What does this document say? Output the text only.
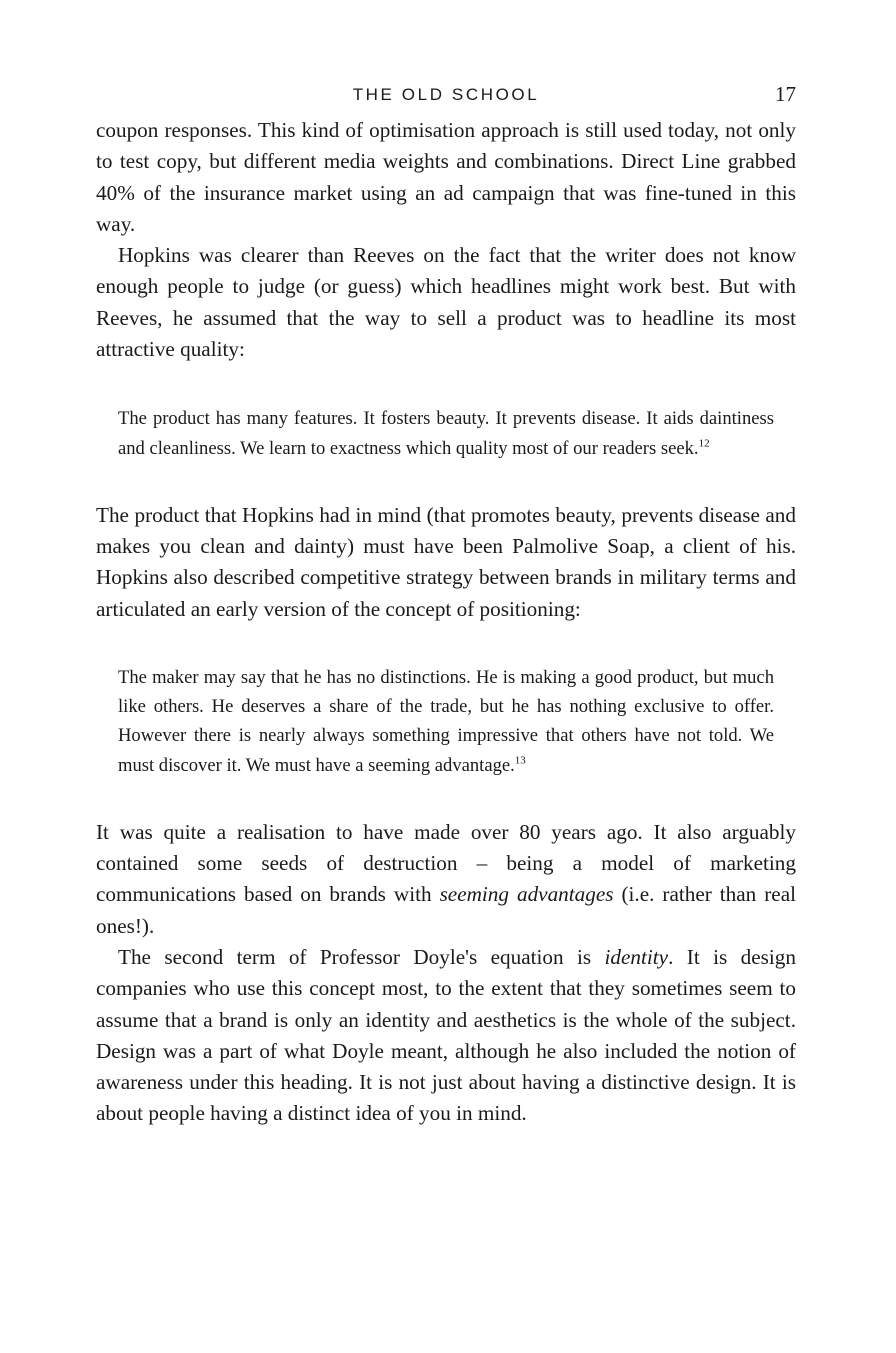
THE OLD SCHOOL	17

coupon responses. This kind of optimisation approach is still used today, not only to test copy, but different media weights and combinations. Direct Line grabbed 40% of the insurance market using an ad campaign that was fine-tuned in this way.

Hopkins was clearer than Reeves on the fact that the writer does not know enough people to judge (or guess) which headlines might work best. But with Reeves, he assumed that the way to sell a product was to headline its most attractive quality:

The product has many features. It fosters beauty. It prevents disease. It aids daintiness and cleanliness. We learn to exactness which quality most of our readers seek.$^{12}$

The product that Hopkins had in mind (that promotes beauty, prevents disease and makes you clean and dainty) must have been Palmolive Soap, a client of his. Hopkins also described competitive strategy between brands in military terms and articulated an early version of the concept of positioning:

The maker may say that he has no distinctions. He is making a good product, but much like others. He deserves a share of the trade, but he has nothing exclusive to offer. However there is nearly always something impressive that others have not told. We must discover it. We must have a seeming advantage.$^{13}$

It was quite a realisation to have made over 80 years ago. It also arguably contained some seeds of destruction – being a model of marketing communications based on brands with seeming advantages (i.e. rather than real ones!).

The second term of Professor Doyle's equation is identity. It is design companies who use this concept most, to the extent that they sometimes seem to assume that a brand is only an identity and aesthetics is the whole of the subject. Design was a part of what Doyle meant, although he also included the notion of awareness under this heading. It is not just about having a distinctive design. It is about people having a distinct idea of you in mind.
